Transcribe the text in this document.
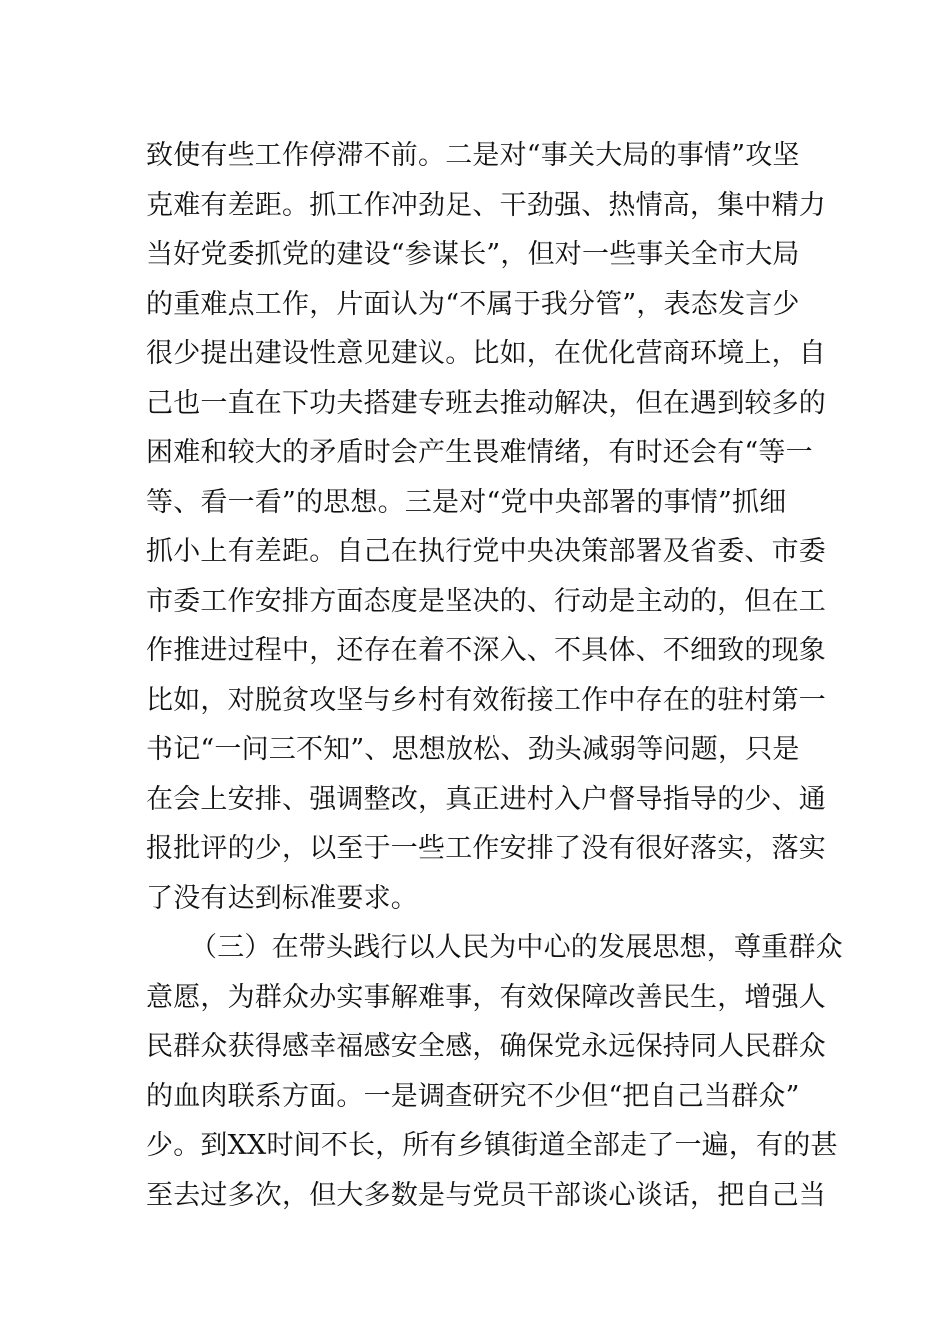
致使有些工作停滞不前。二是对“事关大局的事情”攻坚
克难有差距。抓工作冲劲足、干劲强、热情高，集中精力
当好党委抓党的建设“参谋长”，但对一些事关全市大局
的重难点工作，片面认为“不属于我分管”，表态发言少
很少提出建设性意见建议。比如，在优化营商环境上，自
己也一直在下功夫搭建专班去推动解决，但在遇到较多的
困难和较大的矛盾时会产生畏难情绪，有时还会有“等一
等、看一看”的思想。三是对“党中央部署的事情”抓细
抓小上有差距。自己在执行党中央决策部署及省委、市委
市委工作安排方面态度是坚决的、行动是主动的，但在工
作推进过程中，还存在着不深入、不具体、不细致的现象
比如，对脱贫攻坚与乡村有效衔接工作中存在的驻村第一
书记“一问三不知”、思想放松、劲头减弱等问题，只是
在会上安排、强调整改，真正进村入户督导指导的少、通
报批评的少，以至于一些工作安排了没有很好落实，落实
了没有达到标准要求。
（三）在带头践行以人民为中心的发展思想，尊重群众
意愿，为群众办实事解难事，有效保障改善民生，增强人
民群众获得感幸福感安全感，确保党永远保持同人民群众
的血肉联系方面。一是调查研究不少但“把自己当群众”
少。到XX时间不长，所有乡镇街道全部走了一遍，有的甚
至去过多次，但大多数是与党员干部谈心谈话，把自己当
